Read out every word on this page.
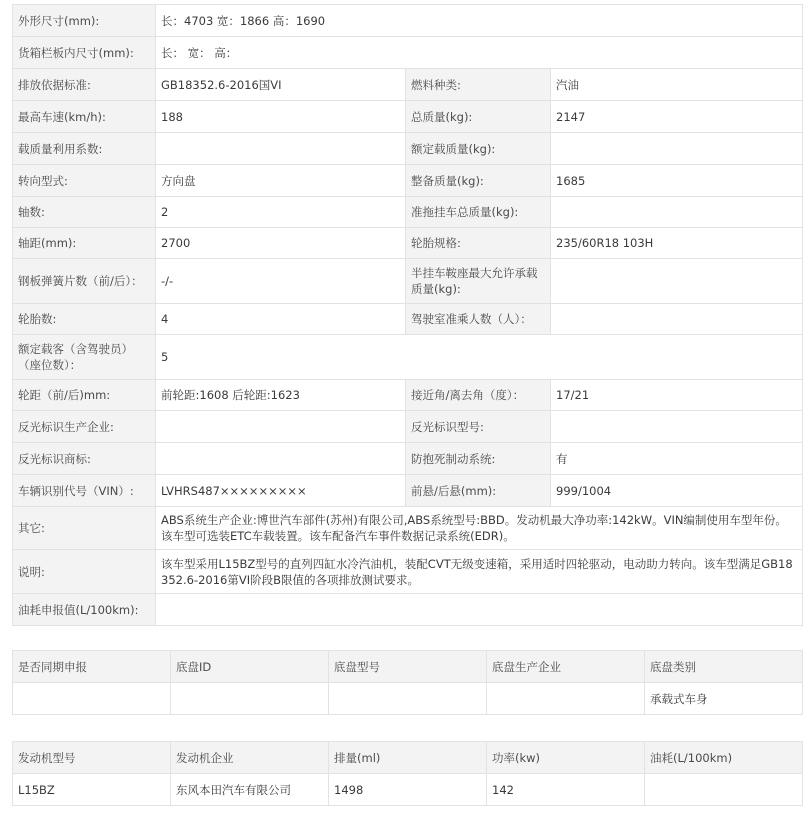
外形尺寸(mm):	长：4703 宽：1866 高：1690		
货箱栏板内尺寸(mm):	长： 宽： 高：		
排放依据标准:	GB18352.6-2016国VI	燃料种类:	汽油
最高车速(km/h):	188	总质量(kg):	2147
载质量利用系数:		额定载质量(kg):	
转向型式:	方向盘	整备质量(kg):	1685
轴数:	2	准拖挂车总质量(kg):	
轴距(mm):	2700	轮胎规格:	235/60R18 103H
钢板弹簧片数（前/后）：	-/-	半挂车鞍座最大允许承载质量(kg):	
轮胎数:	4	驾驶室准乘人数（人）：	
额定载客（含驾驶员）（座位数）：	5		
轮距（前/后)mm:	前轮距:1608 后轮距:1623	接近角/离去角（度）：	17/21
反光标识生产企业:		反光标识型号:	
反光标识商标:		防抱死制动系统:	有
车辆识别代号（VIN）:	LVHRS487×××××××××	前悬/后悬(mm):	999/1004
其它:	ABS系统生产企业:博世汽车部件(苏州)有限公司,ABS系统型号:BBD。发动机最大净功率:142kW。VIN编制使用车型年份。该车型可选装ETC车载装置。该车配备汽车事件数据记录系统(EDR)。		
说明:	该车型采用L15BZ型号的直列四缸水冷汽油机，装配CVT无级变速箱，采用适时四轮驱动，电动助力转向。该车型满足GB18352.6-2016第VI阶段B限值的各项排放测试要求。		
油耗申报值(L/100km):			
是否同期申报	底盘ID	底盘型号	底盘生产企业	底盘类别
				承载式车身
发动机型号	发动机企业	排量(ml)	功率(kw)	油耗(L/100km)
L15BZ	东风本田汽车有限公司	1498	142	
